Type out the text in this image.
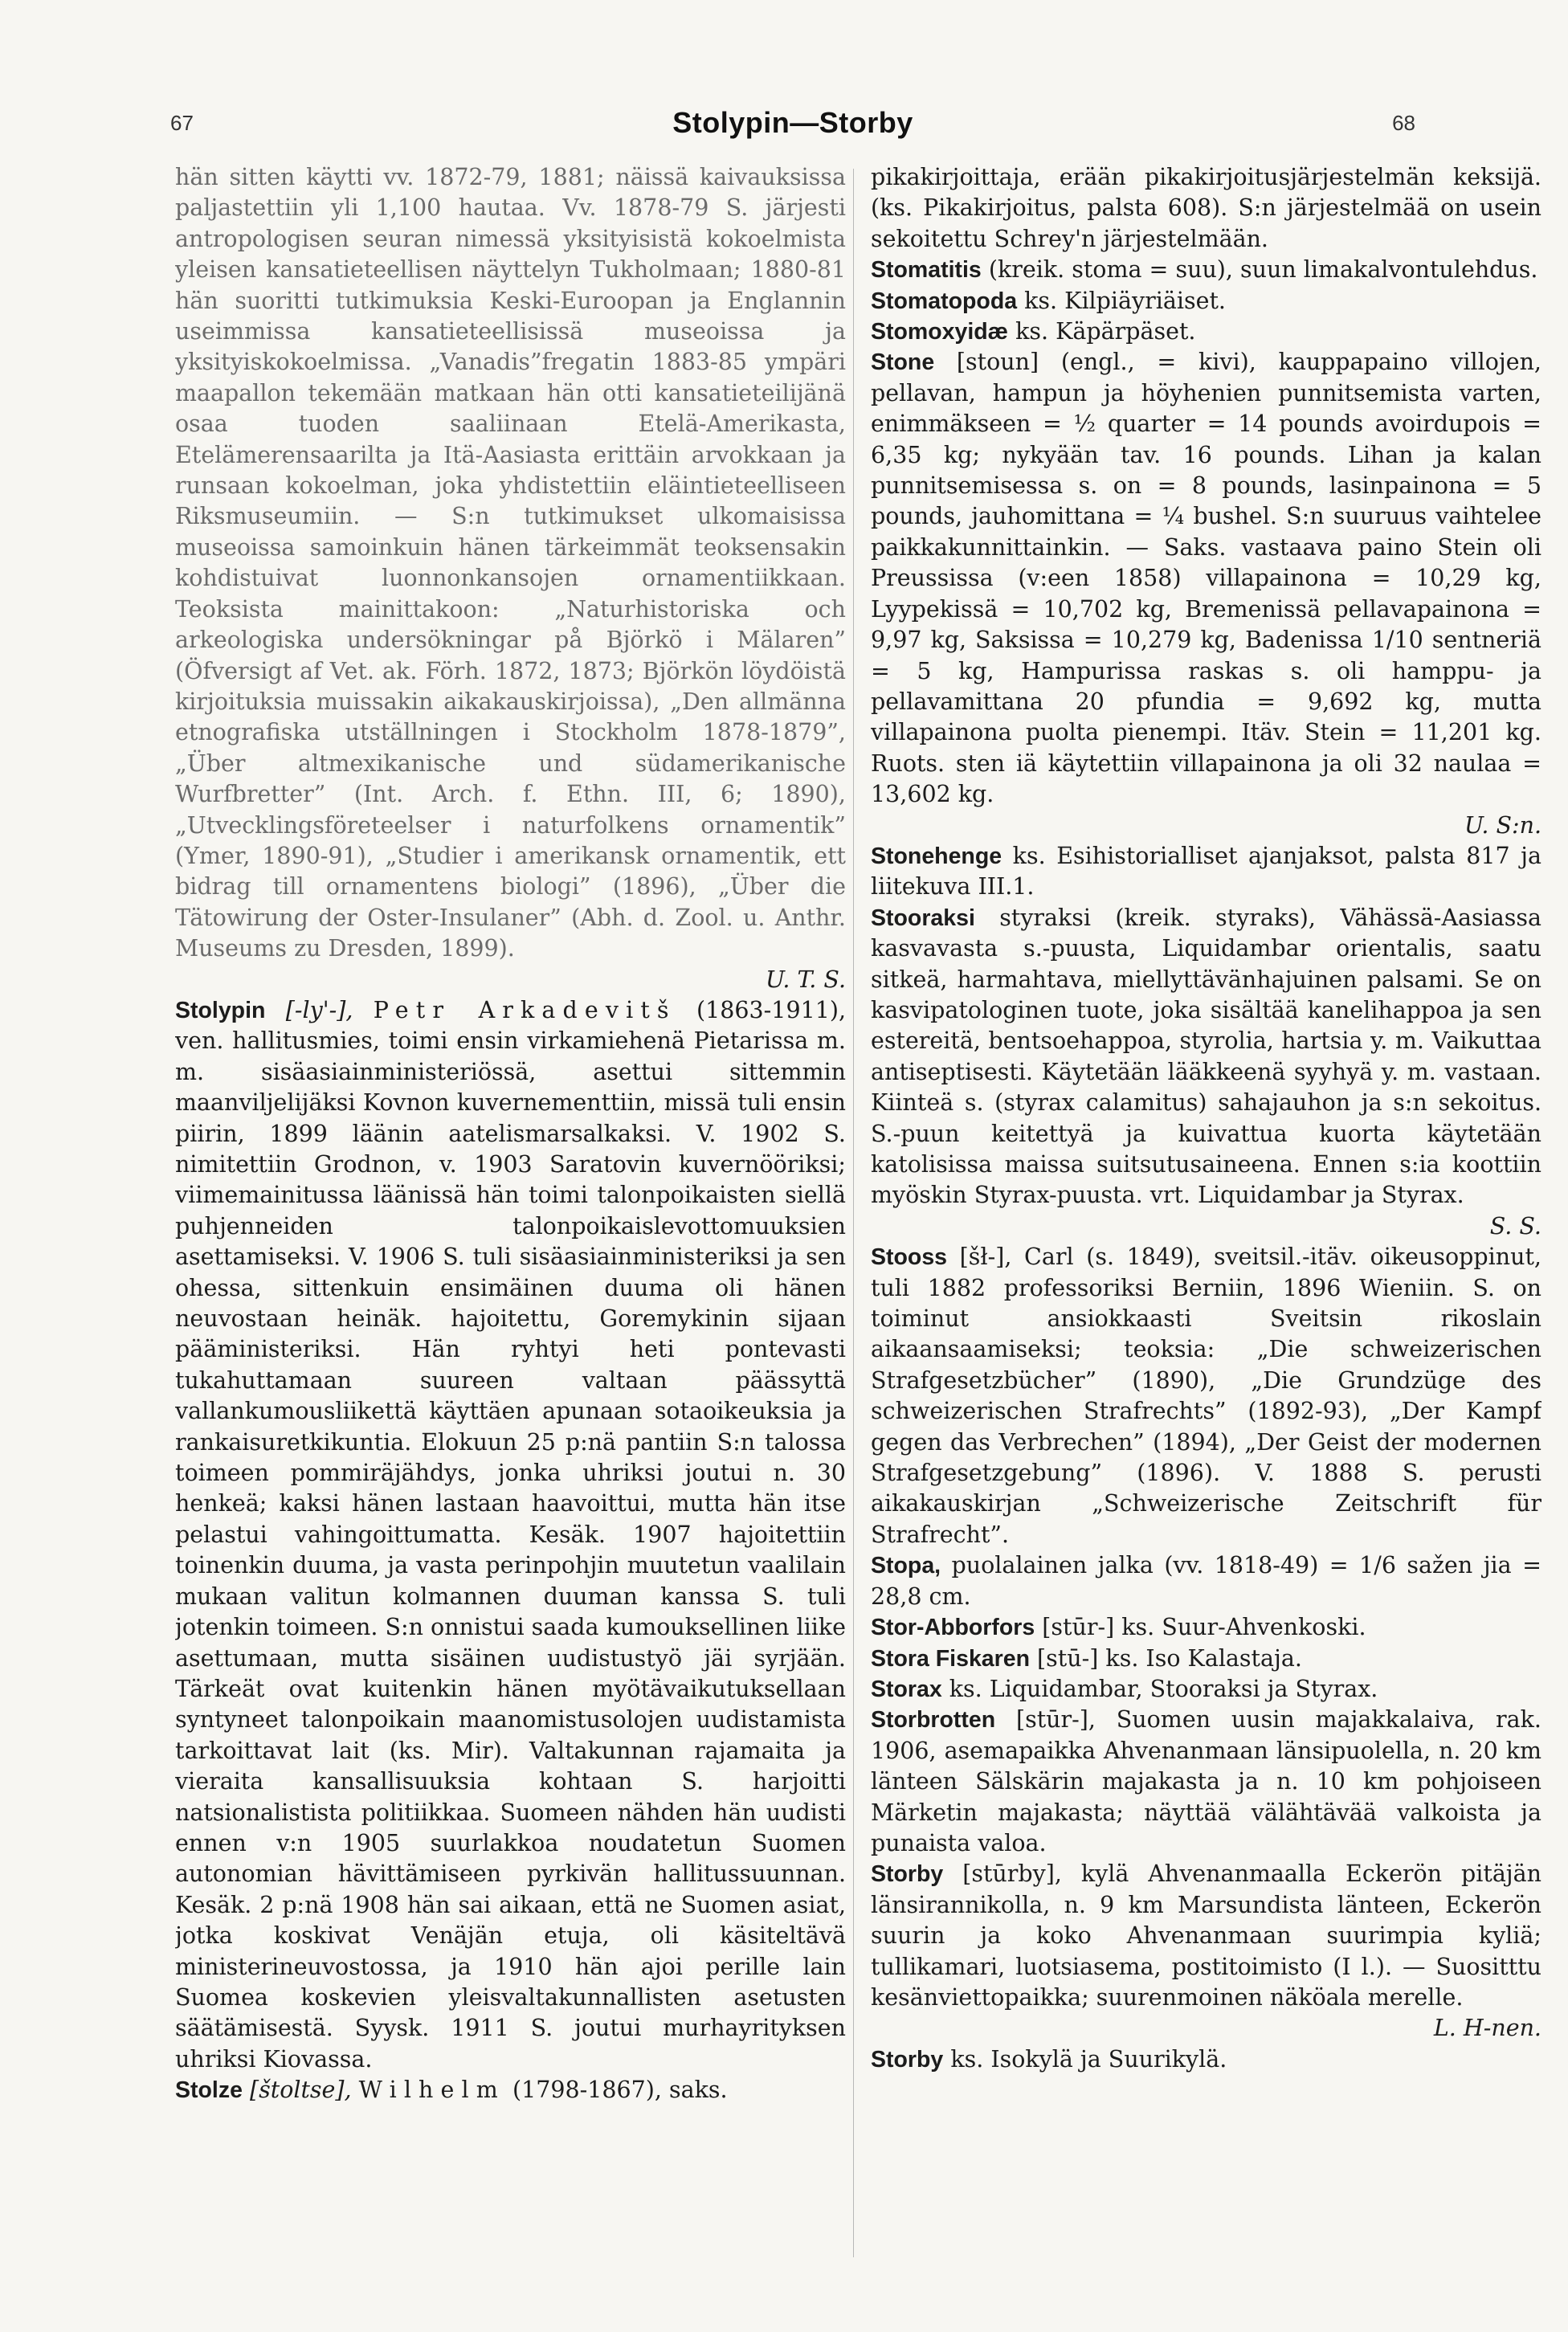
67	Stolypin—Storby	68

hän sitten käytti vv. 1872-79, 1881; näissä kaivauksissa paljastettiin yli 1,100 hautaa. Vv. 1878-79 S. järjesti antropologisen seuran nimessä yksityisistä kokoelmista yleisen kansatieteellisen näyttelyn Tukholmaan; 1880-81 hän suoritti tutkimuksia Keski-Euroopan ja Englannin useimmissa kansatieteellisissä museoissa ja yksityiskokoelmissa. „Vanadis”fregatin 1883-85 ympäri maapallon tekemään matkaan hän otti kansatieteilijänä osaa tuoden saaliinaan Etelä-Amerikasta, Etelämerensaarilta ja Itä-Aasiasta erittäin arvokkaan ja runsaan kokoelman, joka yhdistettiin eläintieteelliseen Riksmuseumiin. — S:n tutkimukset ulkomaisissa museoissa samoinkuin hänen tärkeimmät teoksensakin kohdistuivat luonnonkansojen ornamentiikkaan. Teoksista mainittakoon: „Naturhistoriska och arkeologiska undersökningar på Björkö i Mälaren” (Öfversigt af Vet. ak. Förh. 1872, 1873; Björkön löydöistä kirjoituksia muissakin aikakauskirjoissa), „Den allmänna etnografiska utställningen i Stockholm 1878-1879”, „Über altmexikanische und südamerikanische Wurfbretter” (Int. Arch. f. Ethn. III, 6; 1890), „Utvecklingsföreteelser i naturfolkens ornamentik” (Ymer, 1890-91), „Studier i amerikansk ornamentik, ett bidrag till ornamentens biologi” (1896), „Über die Tätowirung der Oster-Insulaner” (Abh. d. Zool. u. Anthr. Museums zu Dresden, 1899).

U. T. S.

Stolypin [-ly'-], Petr Arkadevitš (1863-1911), ven. hallitusmies, toimi ensin virkamiehenä Pietarissa m. m. sisäasiainministeriössä, asettui sittemmin maanviljelijäksi Kovnon kuvernementtiin, missä tuli ensin piirin, 1899 läänin aatelismarsalkaksi. V. 1902 S. nimitettiin Grodnon, v. 1903 Saratovin kuvernööriksi; viimemainitussa läänissä hän toimi talonpoikaisten siellä puhjenneiden talonpoikaislevottomuuksien asettamiseksi. V. 1906 S. tuli sisäasiainministeriksi ja sen ohessa, sittenkuin ensimäinen duuma oli hänen neuvostaan heinäk. hajoitettu, Goremykinin sijaan pääministeriksi. Hän ryhtyi heti pontevasti tukahuttamaan suureen valtaan päässyttä vallankumousliikettä käyttäen apunaan sotaoikeuksia ja rankaisuretkikuntia. Elokuun 25 p:nä pantiin S:n talossa toimeen pommiräjähdys, jonka uhriksi joutui n. 30 henkeä; kaksi hänen lastaan haavoittui, mutta hän itse pelastui vahingoittumatta. Kesäk. 1907 hajoitettiin toinenkin duuma, ja vasta perinpohjin muutetun vaalilain mukaan valitun kolmannen duuman kanssa S. tuli jotenkin toimeen. S:n onnistui saada kumouksellinen liike asettumaan, mutta sisäinen uudistustyö jäi syrjään. Tärkeät ovat kuitenkin hänen myötävaikutuksellaan syntyneet talonpoikain maanomistusolojen uudistamista tarkoittavat lait (ks. Mir). Valtakunnan rajamaita ja vieraita kansallisuuksia kohtaan S. harjoitti natsionalistista politiikkaa. Suomeen nähden hän uudisti ennen v:n 1905 suurlakkoa noudatetun Suomen autonomian hävittämiseen pyrkivän hallitussuunnan. Kesäk. 2 p:nä 1908 hän sai aikaan, että ne Suomen asiat, jotka koskivat Venäjän etuja, oli käsiteltävä ministerineuvostossa, ja 1910 hän ajoi perille lain Suomea koskevien yleisvaltakunnallisten asetusten säätämisestä. Syysk. 1911 S. joutui murhayrityksen uhriksi Kiovassa.

Stolze [štoltse], Wilhelm (1798-1867), saks.

pikakirjoittaja, erään pikakirjoitusjärjestelmän keksijä. (ks. Pikakirjoitus, palsta 608). S:n järjestelmää on usein sekoitettu Schrey'n järjestelmään.

Stomatitis (kreik. stoma = suu), suun limakalvontulehdus.

Stomatopoda ks. Kilpiäyriäiset.

Stomoxyidæ ks. Käpärpäset.

Stone [stoun] (engl., = kivi), kauppapaino villojen, pellavan, hampun ja höyhenien punnitsemista varten, enimmäkseen = ½ quarter = 14 pounds avoirdupois = 6,35 kg; nykyään tav. 16 pounds. Lihan ja kalan punnitsemisessa s. on = 8 pounds, lasinpainona = 5 pounds, jauhomittana = ¼ bushel. S:n suuruus vaihtelee paikkakunnittainkin. — Saks. vastaava paino Stein oli Preussissa (v:een 1858) villapainona = 10,29 kg, Lyypekissä = 10,702 kg, Bremenissä pellavapainona = 9,97 kg, Saksissa = 10,279 kg, Badenissa 1/10 sentneriä = 5 kg, Hampurissa raskas s. oli hamppu- ja pellavamittana 20 pfundia = 9,692 kg, mutta villapainona puolta pienempi. Itäv. Stein = 11,201 kg. Ruots. sten iä käytettiin villapainona ja oli 32 naulaa = 13,602 kg.

U. S:n.

Stonehenge ks. Esihistorialliset ajanjaksot, palsta 817 ja liitekuva III.1.

Stooraksi styraksi (kreik. styraks), Vähässä-Aasiassa kasvavasta s.-puusta, Liquidambar orientalis, saatu sitkeä, harmahtava, miellyttävänhajuinen palsami. Se on kasvipatologinen tuote, joka sisältää kanelihappoa ja sen estereitä, bentsoehappoa, styrolia, hartsia y. m. Vaikuttaa antiseptisesti. Käytetään lääkkeenä syyhyä y. m. vastaan. Kiinteä s. (styrax calamitus) sahajauhon ja s:n sekoitus. S.-puun keitettyä ja kuivattua kuorta käytetään katolisissa maissa suitsutusaineena. Ennen s:ia koottiin myöskin Styrax-puusta. vrt. Liquidambar ja Styrax.

S. S.

Stooss [šł-], Carl (s. 1849), sveitsil.-itäv. oikeusoppinut, tuli 1882 professoriksi Berniin, 1896 Wieniin. S. on toiminut ansiokkaasti Sveitsin rikoslain aikaansaamiseksi; teoksia: „Die schweizerischen Strafgesetzbücher” (1890), „Die Grundzüge des schweizerischen Strafrechts” (1892-93), „Der Kampf gegen das Verbrechen” (1894), „Der Geist der modernen Strafgesetzgebung” (1896). V. 1888 S. perusti aikakauskirjan „Schweizerische Zeitschrift für Strafrecht”.

Stopa, puolalainen jalka (vv. 1818-49) = 1/6 sažen jia = 28,8 cm.

Stor-Abborfors [stūr-] ks. Suur-Ahvenkoski.

Stora Fiskaren [stū-] ks. Iso Kalastaja.

Storax ks. Liquidambar, Stooraksi ja Styrax.

Storbrotten [stūr-], Suomen uusin majakkalaiva, rak. 1906, asemapaikka Ahvenanmaan länsipuolella, n. 20 km länteen Sälskärin majakasta ja n. 10 km pohjoiseen Märketin majakasta; näyttää välähtävää valkoista ja punaista valoa.

Storby [stūrby], kylä Ahvenanmaalla Eckerön pitäjän länsirannikolla, n. 9 km Marsundista länteen, Eckerön suurin ja koko Ahvenanmaan suurimpia kyliä; tullikamari, luotsiasema, postitoimisto (I l.). — Suositttu kesänviettopaikka; suurenmoinen näköala merelle.

L. H-nen.

Storby ks. Isokylä ja Suurikylä.
